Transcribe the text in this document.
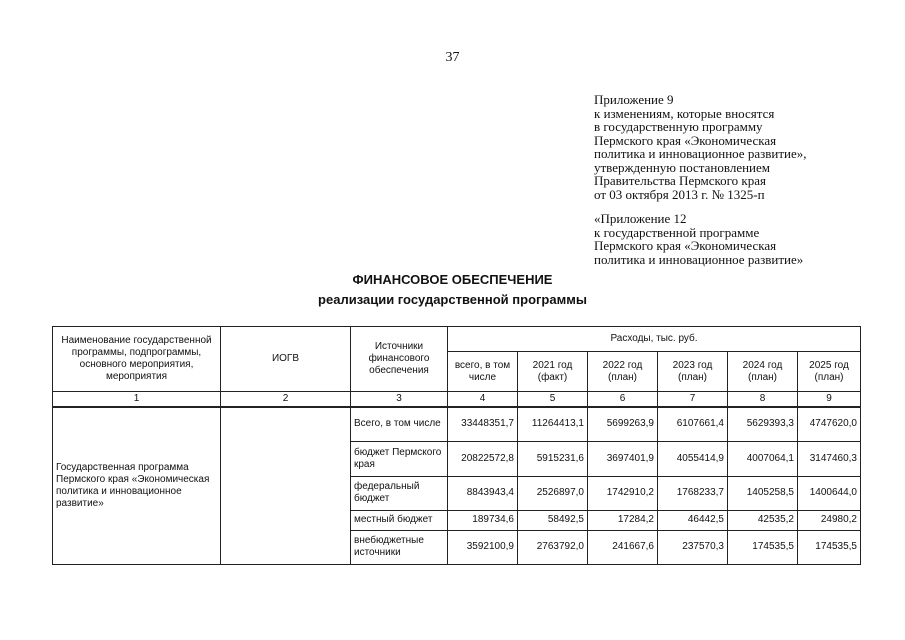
37
Приложение 9
к изменениям, которые вносятся
в государственную программу
Пермского края «Экономическая
политика и инновационное развитие»,
утвержденную постановлением
Правительства Пермского края
от 03 октября 2013 г. № 1325-п
«Приложение 12
к государственной программе
Пермского края «Экономическая
политика и инновационное развитие»
ФИНАНСОВОЕ ОБЕСПЕЧЕНИЕ
реализации государственной программы
Наименование государственной программы, подпрограммы, основного мероприятия, мероприятия	ИОГВ	Источники финансового обеспечения	Расходы, тыс. руб.					
			всего, в том числе	2021 год (факт)	2022 год (план)	2023 год (план)	2024 год (план)	2025 год (план)
1	2	3	4	5	6	7	8	9
Государственная программа Пермского края «Экономическая политика и инновационное развитие»		Всего, в том числе	33448351,7	11264413,1	5699263,9	6107661,4	5629393,3	4747620,0
		бюджет Пермского края	20822572,8	5915231,6	3697401,9	4055414,9	4007064,1	3147460,3
		федеральный бюджет	8843943,4	2526897,0	1742910,2	1768233,7	1405258,5	1400644,0
		местный бюджет	189734,6	58492,5	17284,2	46442,5	42535,2	24980,2
		внебюджетные источники	3592100,9	2763792,0	241667,6	237570,3	174535,5	174535,5
